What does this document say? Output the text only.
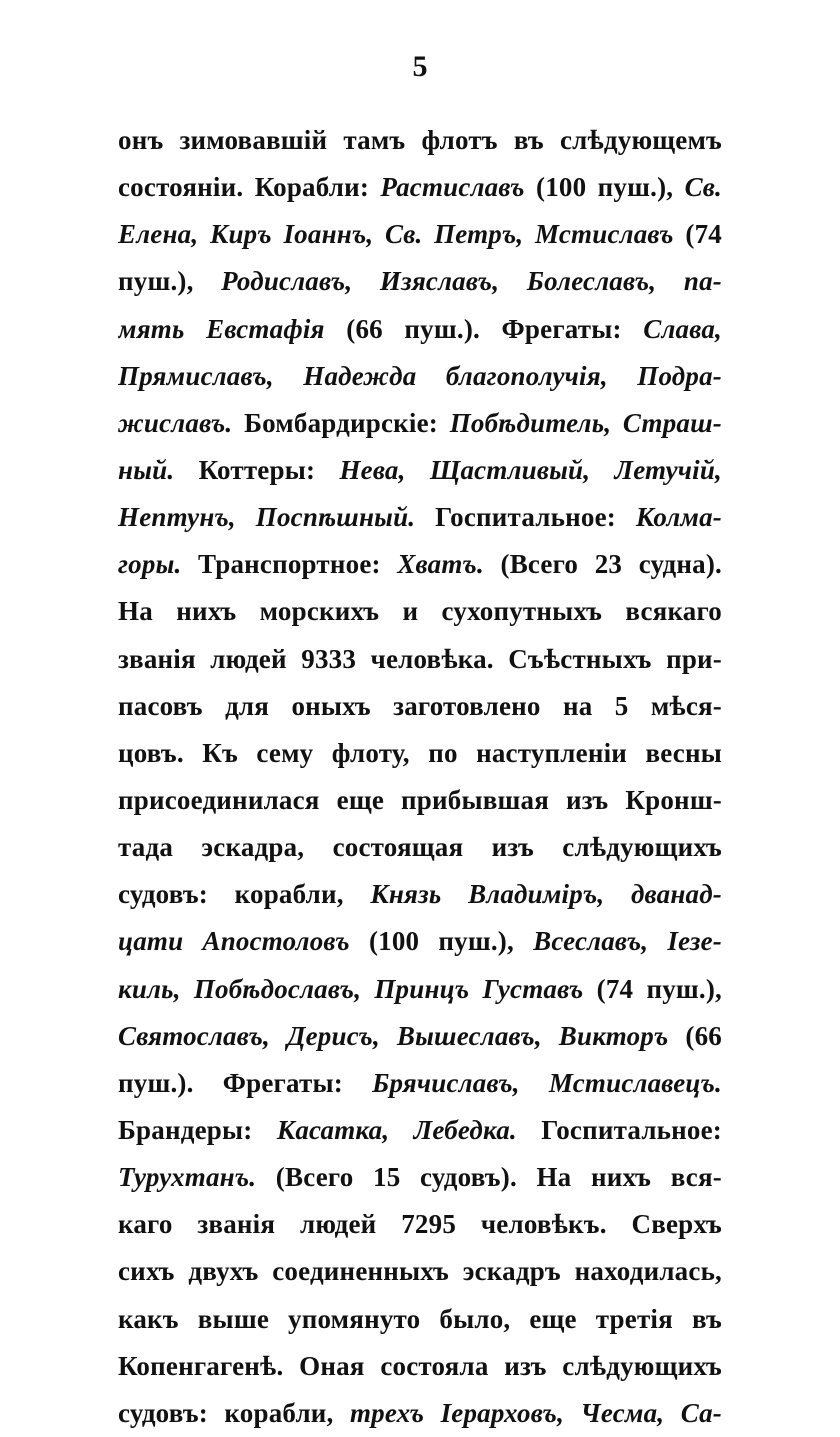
5
онъ зимовавшій тамъ флотъ въ слѣдующемъ
состояніи. Корабли: Растиславъ (100 пуш.), Св.
Елена, Киръ Іоаннъ, Св. Петръ, Мстиславъ (74
пуш.), Родиславъ, Изяславъ, Болеславъ, па-
мять Евстафія (66 пуш.). Фрегаты: Слава,
Прямиславъ, Надежда благополучія, Подра-
жиславъ. Бомбардирскіе: Побѣдитель, Страш-
ный. Коттеры: Нева, Щастливый, Летучій,
Нептунъ, Поспѣшный. Госпитальное: Колма-
горы. Транспортное: Хватъ. (Всего 23 судна).
На нихъ морскихъ и сухопутныхъ всякаго
званія людей 9333 человѣка. Съѣстныхъ при-
пасовъ для оныхъ заготовлено на 5 мѣся-
цовъ. Къ сему флоту, по наступленіи весны
присоединилася еще прибывшая изъ Кронш-
тада эскадра, состоящая изъ слѣдующихъ
судовъ: корабли, Князь Владиміръ, дванад-
цати Апостоловъ (100 пуш.), Всеславъ, Іезе-
киль, Побѣдославъ, Принцъ Густавъ (74 пуш.),
Святославъ, Дерисъ, Вышеславъ, Викторъ (66
пуш.). Фрегаты: Брячиславъ, Мстиславецъ.
Брандеры: Касатка, Лебедка. Госпитальное:
Турухтанъ. (Всего 15 судовъ). На нихъ вся-
каго званія людей 7295 человѣкъ. Сверхъ
сихъ двухъ соединенныхъ эскадръ находилась,
какъ выше упомянуто было, еще третія въ
Копенгагенѣ. Оная состояла изъ слѣдующихъ
судовъ: корабли, трехъ Іерарховъ, Чесма, Са-
